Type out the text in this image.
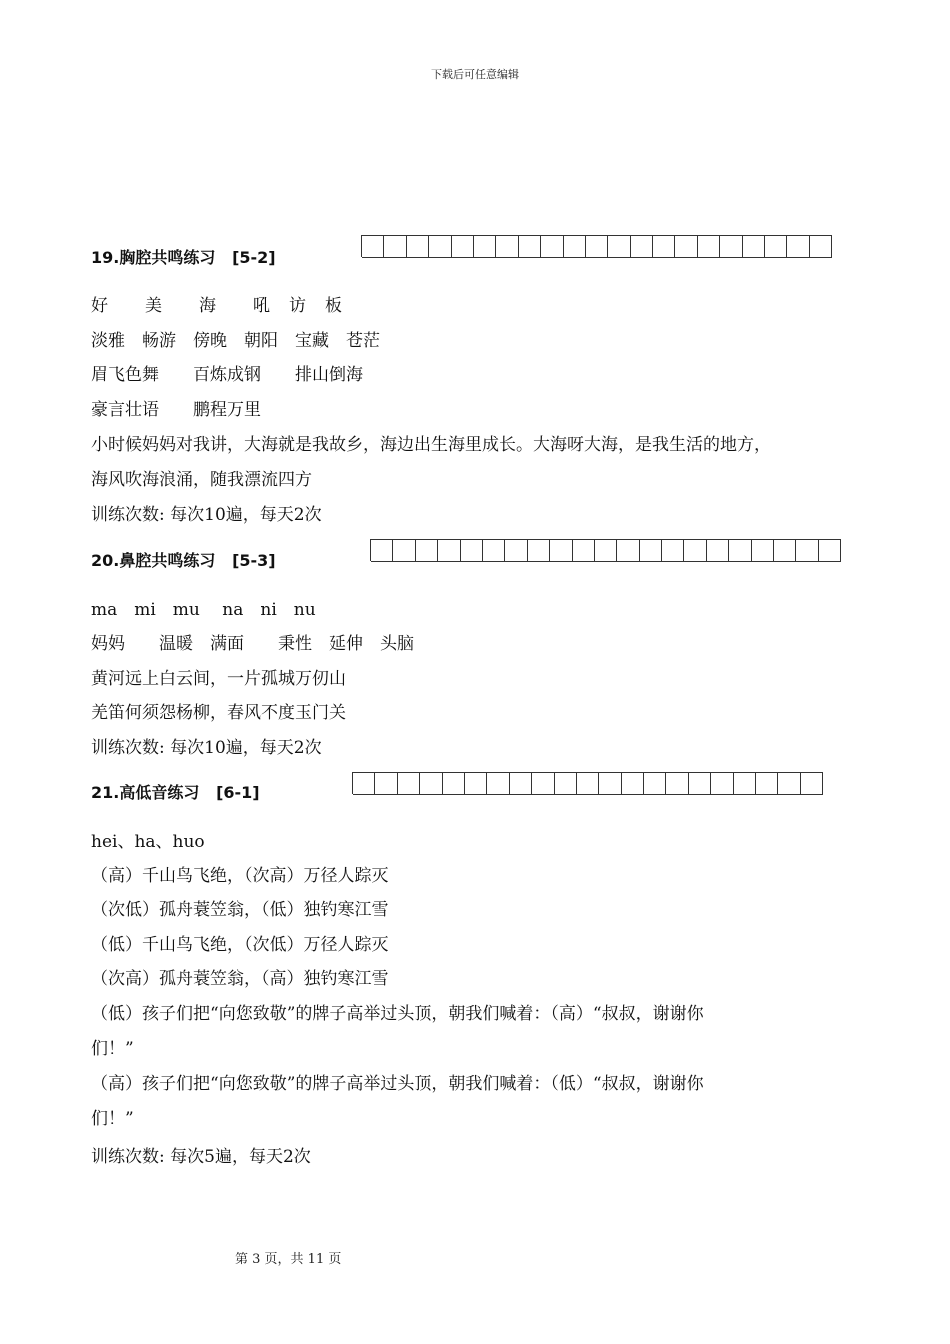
下载后可任意编辑
19.胸腔共鸣练习 [5-2]
好　　美　　海　　吼　访　板
淡雅　畅游　傍晚　朝阳　宝藏　苍茫
眉飞色舞　　百炼成钢　　排山倒海
豪言壮语　　鹏程万里
小时候妈妈对我讲，大海就是我故乡，海边出生海里成长。大海呀大海，是我生活的地方，
海风吹海浪涌，随我漂流四方
训练次数: 每次10遍，每天2次
20.鼻腔共鸣练习 [5-3]
ma　mi　mu　 na　ni　nu
妈妈　　温暖　满面　　秉性　延伸　头脑
黄河远上白云间，一片孤城万仞山
羌笛何须怨杨柳，春风不度玉门关
训练次数: 每次10遍，每天2次
21.高低音练习 [6-1]
hei、ha、huo
（高）千山鸟飞绝，（次高）万径人踪灭
（次低）孤舟蓑笠翁，（低）独钓寒江雪
（低）千山鸟飞绝，（次低）万径人踪灭
（次高）孤舟蓑笠翁，（高）独钓寒江雪
（低）孩子们把“向您致敬”的牌子高举过头顶，朝我们喊着：（高）“叔叔，谢谢你
们！”
（高）孩子们把“向您致敬”的牌子高举过头顶，朝我们喊着：（低）“叔叔，谢谢你
们！”
训练次数: 每次5遍，每天2次
第 3 页，共 11 页
